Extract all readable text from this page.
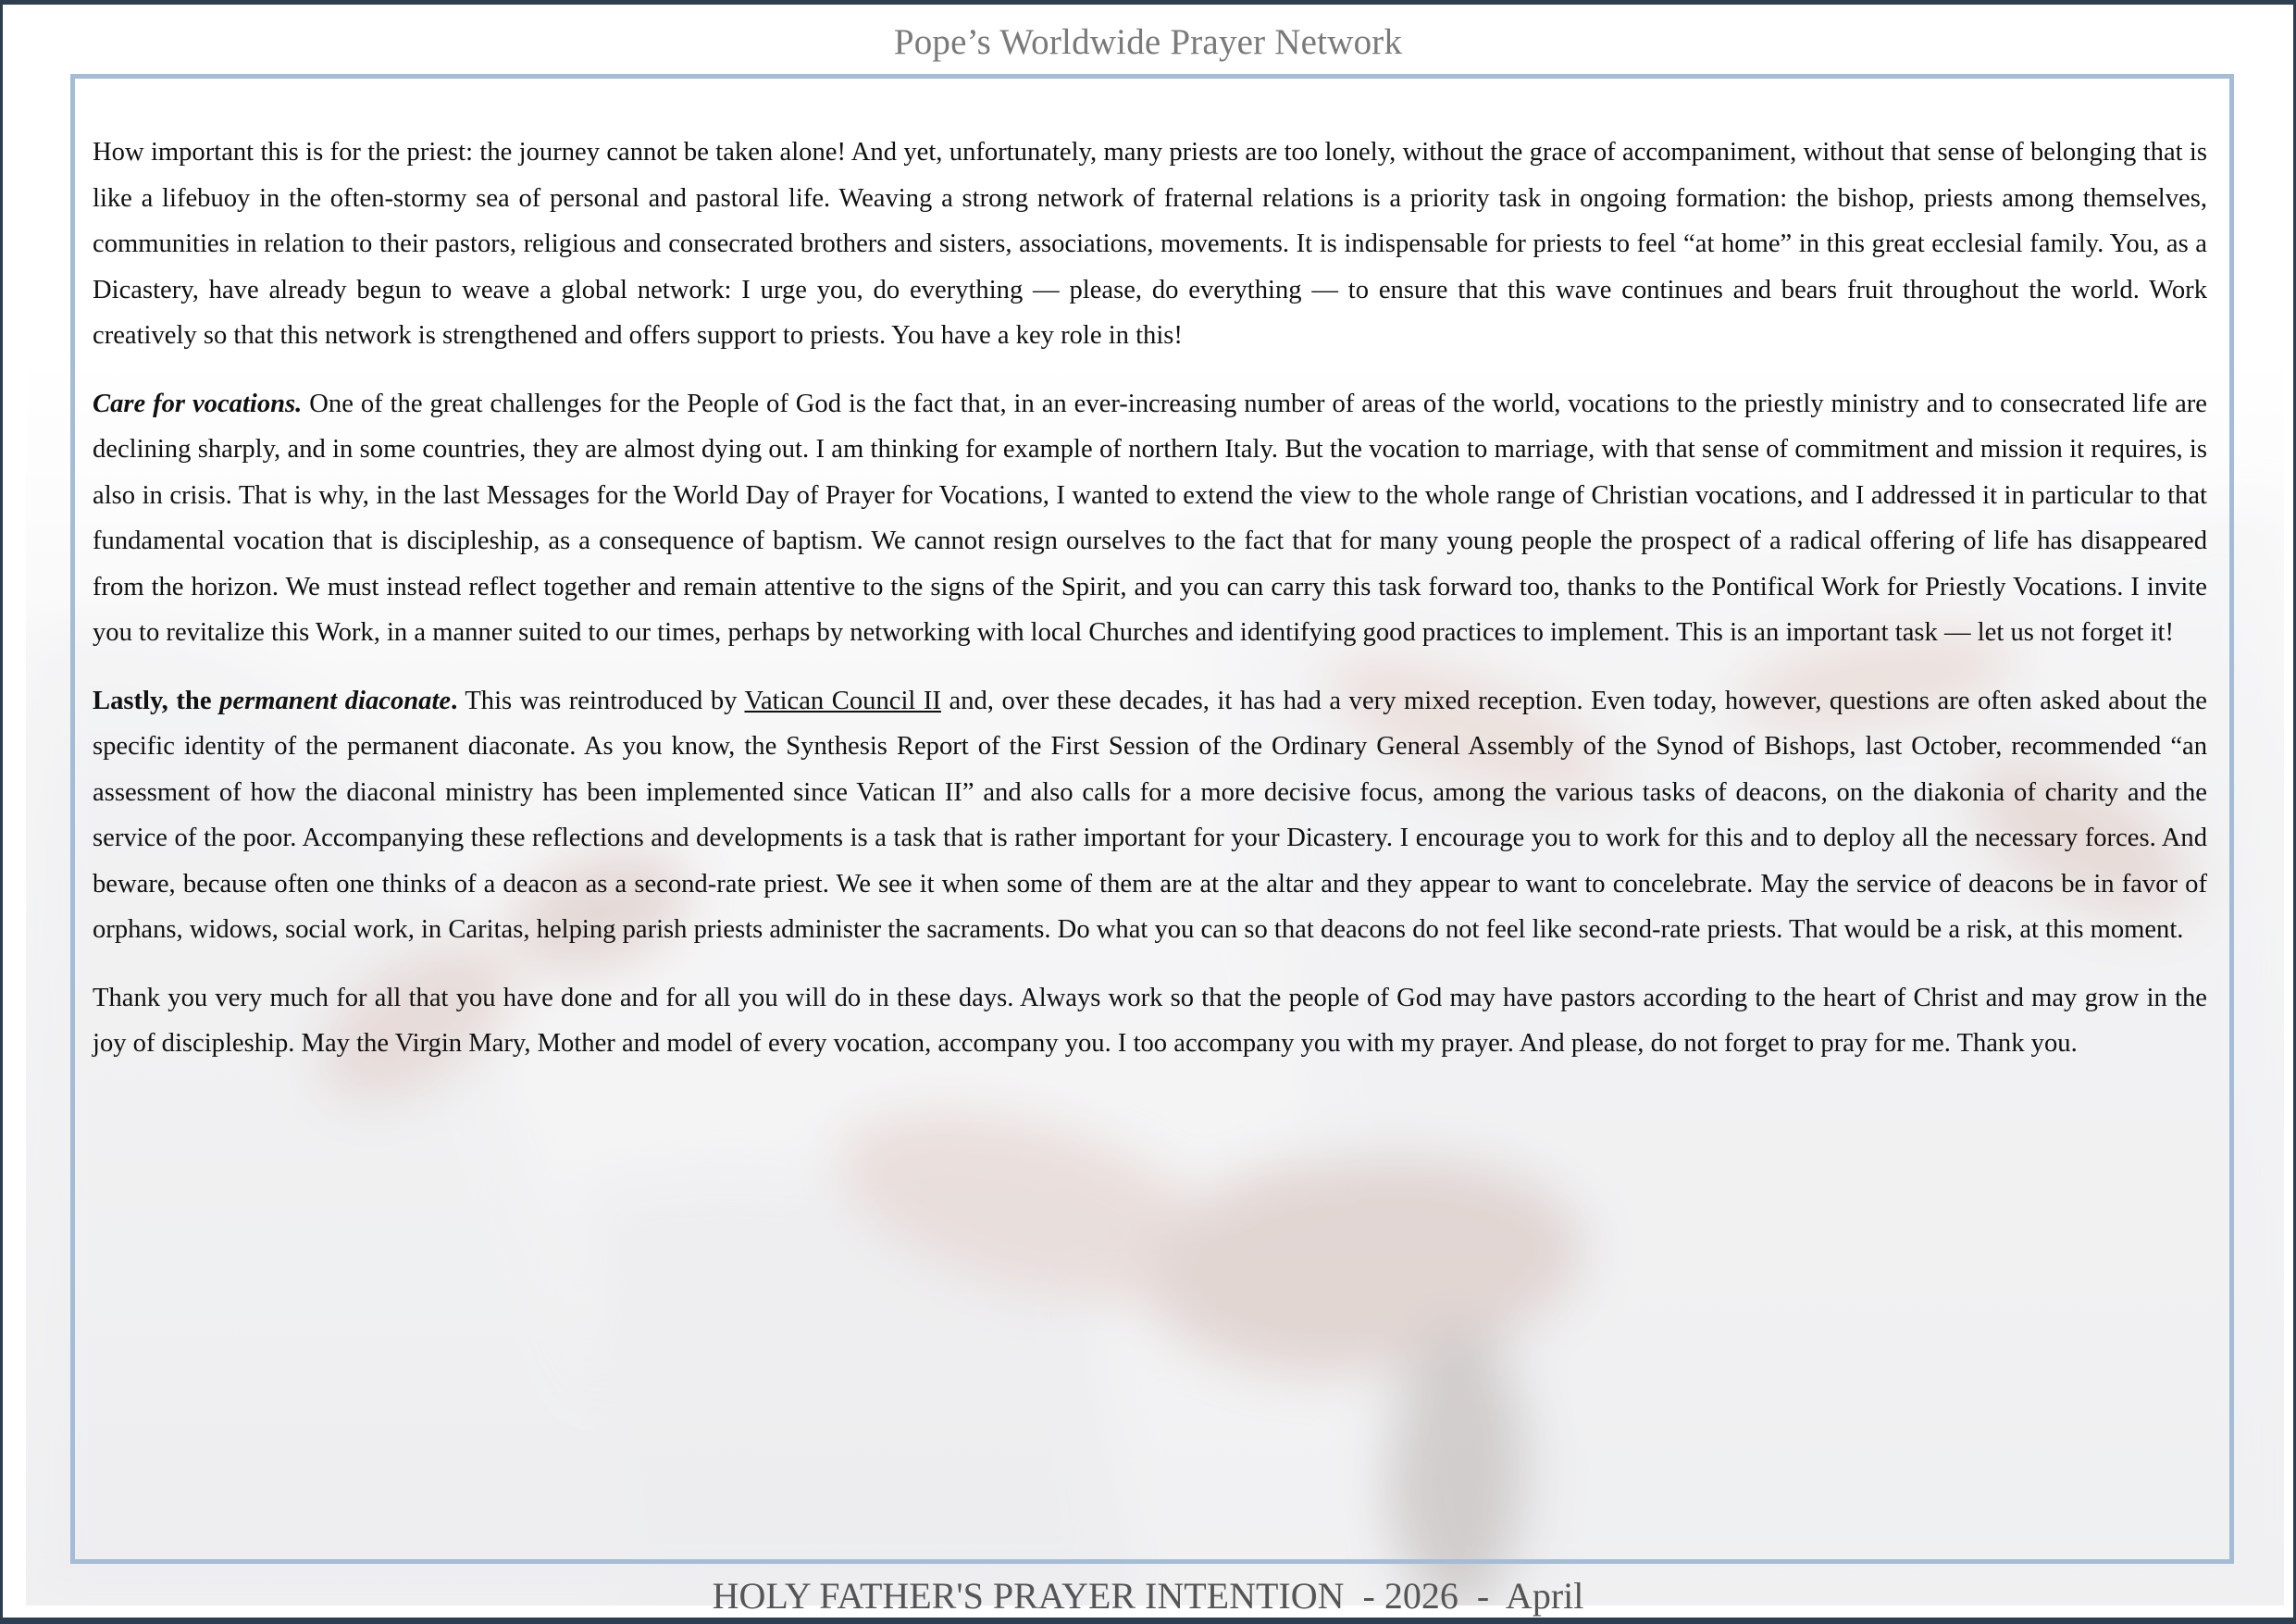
Pope’s Worldwide Prayer Network

How important this is for the priest: the journey cannot be taken alone! And yet, unfortunately, many priests are too lonely, without the grace of accompaniment, without that sense of belonging that is like a lifebuoy in the often-stormy sea of personal and pastoral life. Weaving a strong network of fraternal relations is a priority task in ongoing formation: the bishop, priests among themselves, communities in relation to their pastors, religious and consecrated brothers and sisters, associations, movements. It is indispensable for priests to feel “at home” in this great ecclesial family. You, as a Dicastery, have already begun to weave a global network: I urge you, do everything — please, do everything — to ensure that this wave continues and bears fruit throughout the world. Work creatively so that this network is strengthened and offers support to priests. You have a key role in this!

Care for vocations. One of the great challenges for the People of God is the fact that, in an ever-increasing number of areas of the world, vocations to the priestly ministry and to consecrated life are declining sharply, and in some countries, they are almost dying out. I am thinking for example of northern Italy. But the vocation to marriage, with that sense of commitment and mission it requires, is also in crisis. That is why, in the last Messages for the World Day of Prayer for Vocations, I wanted to extend the view to the whole range of Christian vocations, and I addressed it in particular to that fundamental vocation that is discipleship, as a consequence of baptism. We cannot resign ourselves to the fact that for many young people the prospect of a radical offering of life has disappeared from the horizon. We must instead reflect together and remain attentive to the signs of the Spirit, and you can carry this task forward too, thanks to the Pontifical Work for Priestly Vocations. I invite you to revitalize this Work, in a manner suited to our times, perhaps by networking with local Churches and identifying good practices to implement. This is an important task — let us not forget it!

Lastly, the permanent diaconate. This was reintroduced by Vatican Council II and, over these decades, it has had a very mixed reception. Even today, however, questions are often asked about the specific identity of the permanent diaconate. As you know, the Synthesis Report of the First Session of the Ordinary General Assembly of the Synod of Bishops, last October, recommended “an assessment of how the diaconal ministry has been implemented since Vatican II” and also calls for a more decisive focus, among the various tasks of deacons, on the diakonia of charity and the service of the poor. Accompanying these reflections and developments is a task that is rather important for your Dicastery. I encourage you to work for this and to deploy all the necessary forces. And beware, because often one thinks of a deacon as a second-rate priest. We see it when some of them are at the altar and they appear to want to concelebrate. May the service of deacons be in favor of orphans, widows, social work, in Caritas, helping parish priests administer the sacraments. Do what you can so that deacons do not feel like second-rate priests. That would be a risk, at this moment.

Thank you very much for all that you have done and for all you will do in these days. Always work so that the people of God may have pastors according to the heart of Christ and may grow in the joy of discipleship. May the Virgin Mary, Mother and model of every vocation, accompany you. I too accompany you with my prayer. And please, do not forget to pray for me. Thank you.

HOLY FATHER'S PRAYER INTENTION  - 2026  -  April
